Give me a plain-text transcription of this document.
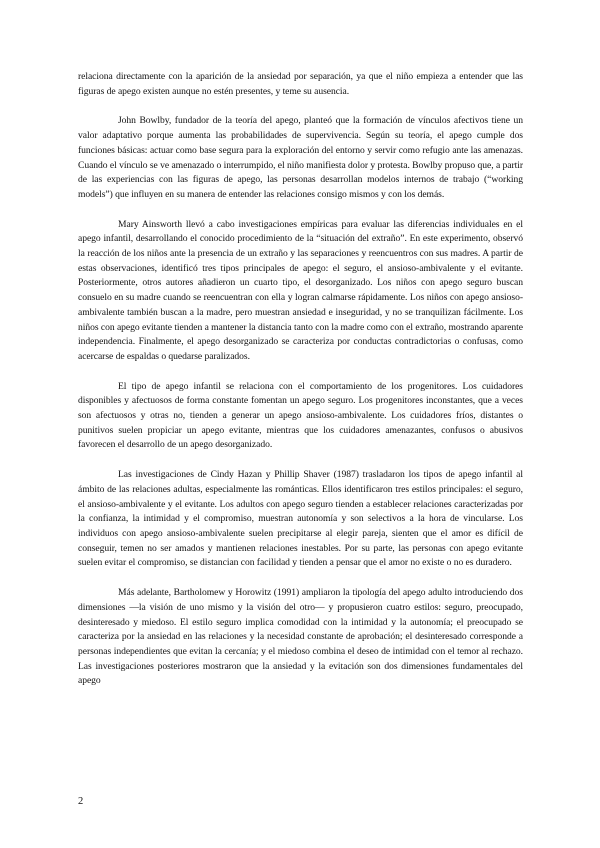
relaciona directamente con la aparición de la ansiedad por separación, ya que el niño empieza a entender que las figuras de apego existen aunque no estén presentes, y teme su ausencia.

John Bowlby, fundador de la teoría del apego, planteó que la formación de vínculos afectivos tiene un valor adaptativo porque aumenta las probabilidades de supervivencia. Según su teoría, el apego cumple dos funciones básicas: actuar como base segura para la exploración del entorno y servir como refugio ante las amenazas. Cuando el vínculo se ve amenazado o interrumpido, el niño manifiesta dolor y protesta. Bowlby propuso que, a partir de las experiencias con las figuras de apego, las personas desarrollan modelos internos de trabajo (“working models”) que influyen en su manera de entender las relaciones consigo mismos y con los demás.

Mary Ainsworth llevó a cabo investigaciones empíricas para evaluar las diferencias individuales en el apego infantil, desarrollando el conocido procedimiento de la “situación del extraño”. En este experimento, observó la reacción de los niños ante la presencia de un extraño y las separaciones y reencuentros con sus madres. A partir de estas observaciones, identificó tres tipos principales de apego: el seguro, el ansioso-ambivalente y el evitante. Posteriormente, otros autores añadieron un cuarto tipo, el desorganizado. Los niños con apego seguro buscan consuelo en su madre cuando se reencuentran con ella y logran calmarse rápidamente. Los niños con apego ansioso-ambivalente también buscan a la madre, pero muestran ansiedad e inseguridad, y no se tranquilizan fácilmente. Los niños con apego evitante tienden a mantener la distancia tanto con la madre como con el extraño, mostrando aparente independencia. Finalmente, el apego desorganizado se caracteriza por conductas contradictorias o confusas, como acercarse de espaldas o quedarse paralizados.

El tipo de apego infantil se relaciona con el comportamiento de los progenitores. Los cuidadores disponibles y afectuosos de forma constante fomentan un apego seguro. Los progenitores inconstantes, que a veces son afectuosos y otras no, tienden a generar un apego ansioso-ambivalente. Los cuidadores fríos, distantes o punitivos suelen propiciar un apego evitante, mientras que los cuidadores amenazantes, confusos o abusivos favorecen el desarrollo de un apego desorganizado.

Las investigaciones de Cindy Hazan y Phillip Shaver (1987) trasladaron los tipos de apego infantil al ámbito de las relaciones adultas, especialmente las románticas. Ellos identificaron tres estilos principales: el seguro, el ansioso-ambivalente y el evitante. Los adultos con apego seguro tienden a establecer relaciones caracterizadas por la confianza, la intimidad y el compromiso, muestran autonomía y son selectivos a la hora de vincularse. Los individuos con apego ansioso-ambivalente suelen precipitarse al elegir pareja, sienten que el amor es difícil de conseguir, temen no ser amados y mantienen relaciones inestables. Por su parte, las personas con apego evitante suelen evitar el compromiso, se distancian con facilidad y tienden a pensar que el amor no existe o no es duradero.

Más adelante, Bartholomew y Horowitz (1991) ampliaron la tipología del apego adulto introduciendo dos dimensiones —la visión de uno mismo y la visión del otro— y propusieron cuatro estilos: seguro, preocupado, desinteresado y miedoso. El estilo seguro implica comodidad con la intimidad y la autonomía; el preocupado se caracteriza por la ansiedad en las relaciones y la necesidad constante de aprobación; el desinteresado corresponde a personas independientes que evitan la cercanía; y el miedoso combina el deseo de intimidad con el temor al rechazo. Las investigaciones posteriores mostraron que la ansiedad y la evitación son dos dimensiones fundamentales del apego

2
